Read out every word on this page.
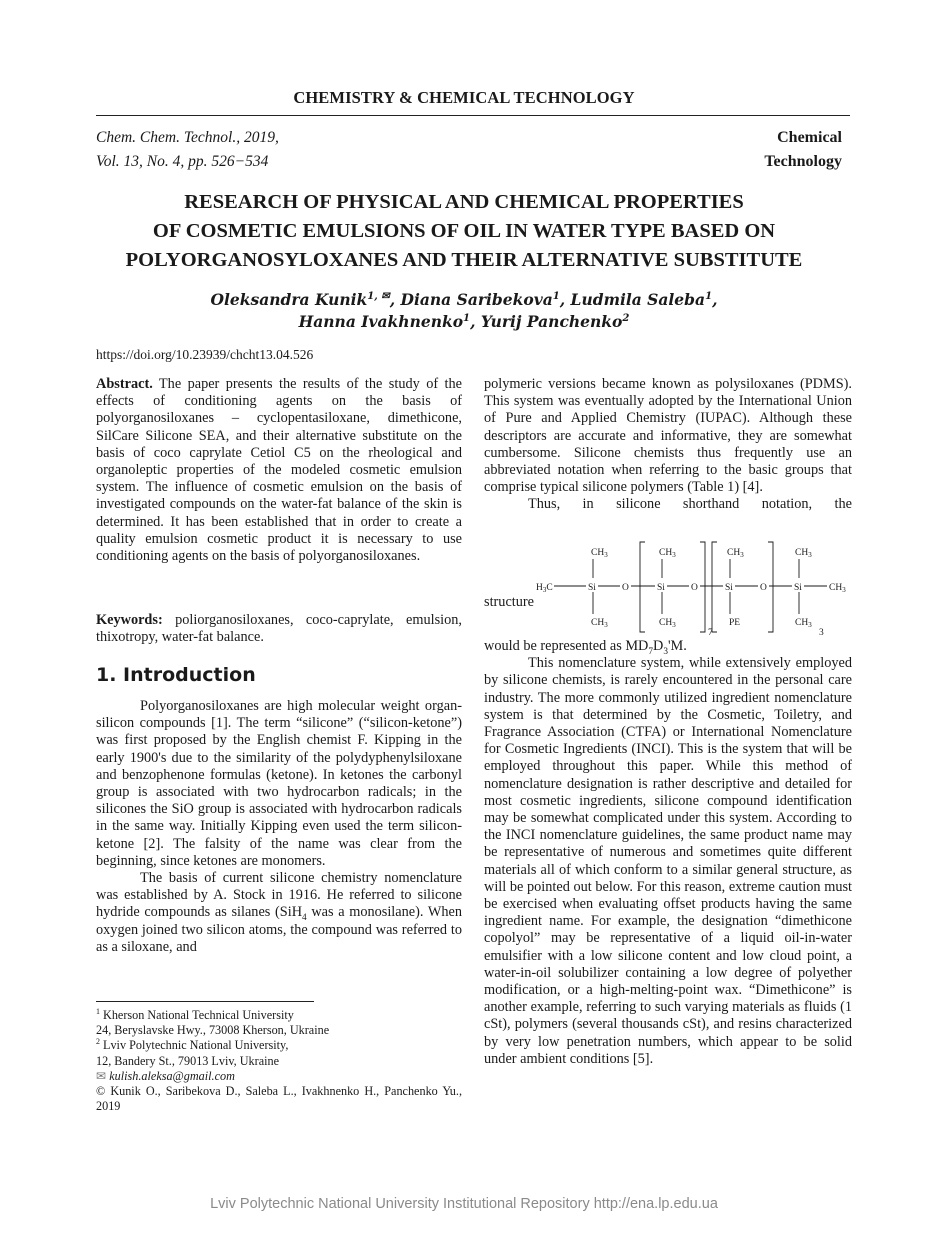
CHEMISTRY & CHEMICAL TECHNOLOGY
Chem. Chem. Technol., 2019,
Vol. 13, No. 4, pp. 526−534
Chemical
Technology
RESEARCH OF PHYSICAL AND CHEMICAL PROPERTIES
OF COSMETIC EMULSIONS OF OIL IN WATER TYPE BASED ON
POLYORGANOSYLOXANES AND THEIR ALTERNATIVE SUBSTITUTE
Oleksandra Kunik$^{1, ✉}$, Diana Saribekova$^1$, Ludmila Saleba$^1$,
Hanna Ivakhnenko$^1$, Yurij Panchenko$^2$
https://doi.org/10.23939/chcht13.04.526

Abstract. The paper presents the results of the study of the effects of conditioning agents on the basis of polyorganosiloxanes – cyclopentasiloxane, dimethicone, SilCare Silicone SEA, and their alternative substitute on the basis of coco caprylate Cetiol C5 on the rheological and organoleptic properties of the modeled cosmetic emulsion system. The influence of cosmetic emulsion on the basis of investigated compounds on the water-fat balance of the skin is determined. It has been established that in order to create a quality emulsion cosmetic product it is necessary to use conditioning agents on the basis of polyorganosiloxanes.

Keywords: poliorganosiloxanes, coco-caprylate, emulsion, thixotropy, water-fat balance.

1. Introduction

Polyorganosiloxanes are high molecular weight organ-silicon compounds [1]. The term “silicone” (“silicon-ketone”) was first proposed by the English chemist F. Kipping in the early 1900's due to the similarity of the polydyphenylsiloxane and benzophenone formulas (ketone). In ketones the carbonyl group is associated with two hydrocarbon radicals; in the silicones the SiO group is associated with hydrocarbon radicals in the same way. Initially Kipping even used the term silicon-ketone [2]. The falsity of the name was clear from the beginning, since ketones are monomers.

The basis of current silicone chemistry nomenclature was established by A. Stock in 1916. He referred to silicone hydride compounds as silanes (SiH$_4$ was a monosilane). When oxygen joined two silicon atoms, the compound was referred to as a siloxane, and

$^1$ Kherson National Technical University

24, Beryslavske Hwy., 73008 Kherson, Ukraine

$^2$ Lviv Polytechnic National University,

12, Bandery St., 79013 Lviv, Ukraine

✉ kulish.aleksa@gmail.com

© Kunik O., Saribekova D., Saleba L., Ivakhnenko H., Panchenko Yu., 2019

polymeric versions became known as polysiloxanes (PDMS). This system was eventually adopted by the International Union of Pure and Applied Chemistry (IUPAC). Although these descriptors are accurate and informative, they are somewhat cumbersome. Silicone chemists thus frequently use an abbreviated notation when referring to the basic groups that comprise typical silicone polymers (Table 1) [4].

Thus, in silicone shorthand notation, the

structure
$CH_3$	$CH_3$	$CH_3$	$CH_3$
$H_3C$	Si	O	Si	O	Si	O	Si	$CH_3$
$CH_3$	$CH_3$	PE	$CH_3$
7	3

would be represented as $MD_7D_3'M$.

This nomenclature system, while extensively employed by silicone chemists, is rarely encountered in the personal care industry. The more commonly utilized ingredient nomenclature system is that determined by the Cosmetic, Toiletry, and Fragrance Association (CTFA) or International Nomenclature for Cosmetic Ingredients (INCI). This is the system that will be employed throughout this paper. While this method of nomenclature designation is rather descriptive and detailed for most cosmetic ingredients, silicone compound identification may be somewhat complicated under this system. According to the INCI nomenclature guidelines, the same product name may be representative of numerous and sometimes quite different materials all of which conform to a similar general structure, as will be pointed out below. For this reason, extreme caution must be exercised when evaluating offset products having the same ingredient name. For example, the designation “dimethicone copolyol” may be representative of a liquid oil-in-water emulsifier with a low silicone content and low cloud point, a water-in-oil solubilizer containing a low degree of polyether modification, or a high-melting-point wax. “Dimethicone” is another example, referring to such varying materials as fluids (1 cSt), polymers (several thousands cSt), and resins characterized by very low penetration numbers, which appear to be solid under ambient conditions [5].

Lviv Polytechnic National University Institutional Repository http://ena.lp.edu.ua
